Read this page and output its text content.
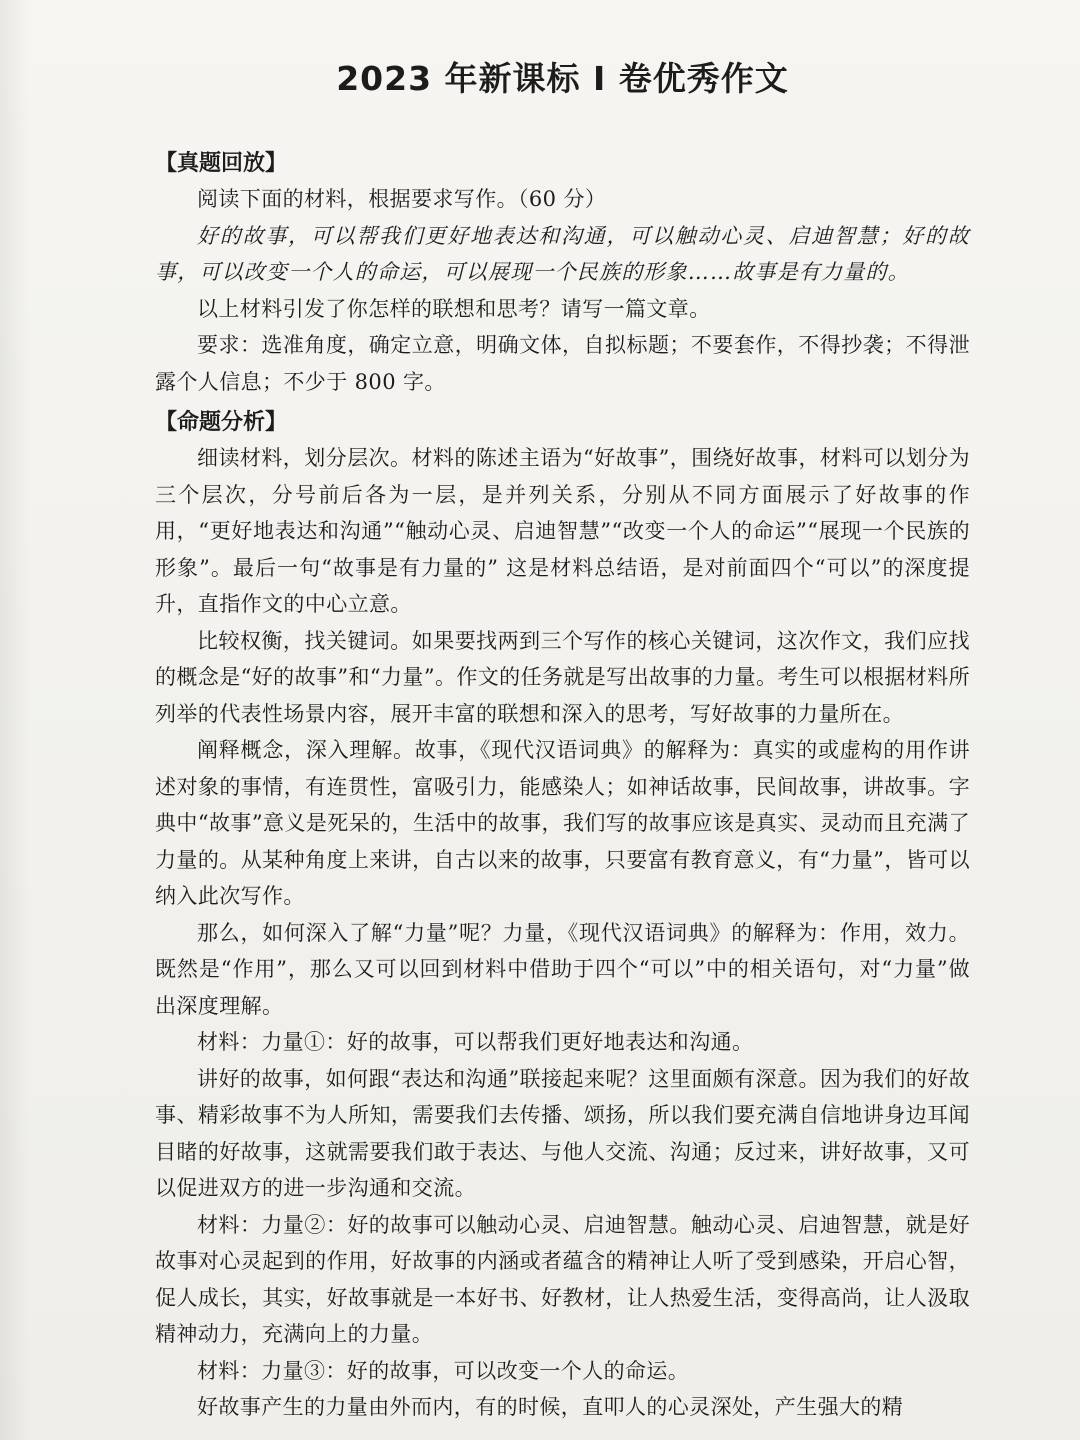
2023 年新课标 Ⅰ 卷优秀作文
【真题回放】

阅读下面的材料，根据要求写作。（60 分）

好的故事，可以帮我们更好地表达和沟通，可以触动心灵、启迪智慧；好的故事，可以改变一个人的命运，可以展现一个民族的形象……故事是有力量的。

以上材料引发了你怎样的联想和思考？请写一篇文章。

要求：选准角度，确定立意，明确文体，自拟标题；不要套作，不得抄袭；不得泄露个人信息；不少于 800 字。

【命题分析】

细读材料，划分层次。材料的陈述主语为“好故事”，围绕好故事，材料可以划分为三个层次，分号前后各为一层，是并列关系，分别从不同方面展示了好故事的作用，“更好地表达和沟通”“触动心灵、启迪智慧”“改变一个人的命运”“展现一个民族的形象”。最后一句“故事是有力量的” 这是材料总结语，是对前面四个“可以”的深度提升，直指作文的中心立意。

比较权衡，找关键词。如果要找两到三个写作的核心关键词，这次作文，我们应找的概念是“好的故事”和“力量”。作文的任务就是写出故事的力量。考生可以根据材料所列举的代表性场景内容，展开丰富的联想和深入的思考，写好故事的力量所在。

阐释概念，深入理解。故事，《现代汉语词典》的解释为：真实的或虚构的用作讲述对象的事情，有连贯性，富吸引力，能感染人；如神话故事，民间故事，讲故事。字典中“故事”意义是死呆的，生活中的故事，我们写的故事应该是真实、灵动而且充满了力量的。从某种角度上来讲，自古以来的故事，只要富有教育意义，有“力量”，皆可以纳入此次写作。

那么，如何深入了解“力量”呢？力量，《现代汉语词典》的解释为：作用，效力。既然是“作用”，那么又可以回到材料中借助于四个“可以”中的相关语句，对“力量”做出深度理解。

材料：力量①：好的故事，可以帮我们更好地表达和沟通。

讲好的故事，如何跟“表达和沟通”联接起来呢？这里面颇有深意。因为我们的好故事、精彩故事不为人所知，需要我们去传播、颂扬，所以我们要充满自信地讲身边耳闻目睹的好故事，这就需要我们敢于表达、与他人交流、沟通；反过来，讲好故事，又可以促进双方的进一步沟通和交流。

材料：力量②：好的故事可以触动心灵、启迪智慧。触动心灵、启迪智慧，就是好故事对心灵起到的作用，好故事的内涵或者蕴含的精神让人听了受到感染，开启心智，促人成长，其实，好故事就是一本好书、好教材，让人热爱生活，变得高尚，让人汲取精神动力，充满向上的力量。

材料：力量③：好的故事，可以改变一个人的命运。

好故事产生的力量由外而内，有的时候，直叩人的心灵深处，产生强大的精
